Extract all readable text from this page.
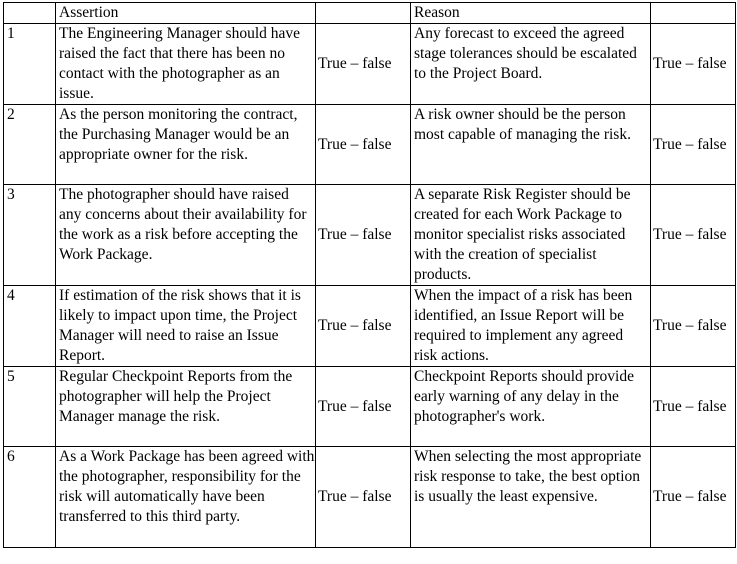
	Assertion		Reason	
1	The Engineering Manager should have raised the fact that there has been no contact with the photographer as an issue.	True – false	Any forecast to exceed the agreed stage tolerances should be escalated to the Project Board.	True – false
2	As the person monitoring the contract, the Purchasing Manager would be an appropriate owner for the risk.	True – false	A risk owner should be the person most capable of managing the risk.	True – false
3	The photographer should have raised any concerns about their availability for the work as a risk before accepting the Work Package.	True – false	A separate Risk Register should be created for each Work Package to monitor specialist risks associated with the creation of specialist products.	True – false
4	If estimation of the risk shows that it is likely to impact upon time, the Project Manager will need to raise an Issue Report.	True – false	When the impact of a risk has been identified, an Issue Report will be required to implement any agreed risk actions.	True – false
5	Regular Checkpoint Reports from the photographer will help the Project Manager manage the risk.	True – false	Checkpoint Reports should provide early warning of any delay in the photographer's work.	True – false
6	As a Work Package has been agreed with the photographer, responsibility for the risk will automatically have been transferred to this third party.	True – false	When selecting the most appropriate risk response to take, the best option is usually the least expensive.	True – false
